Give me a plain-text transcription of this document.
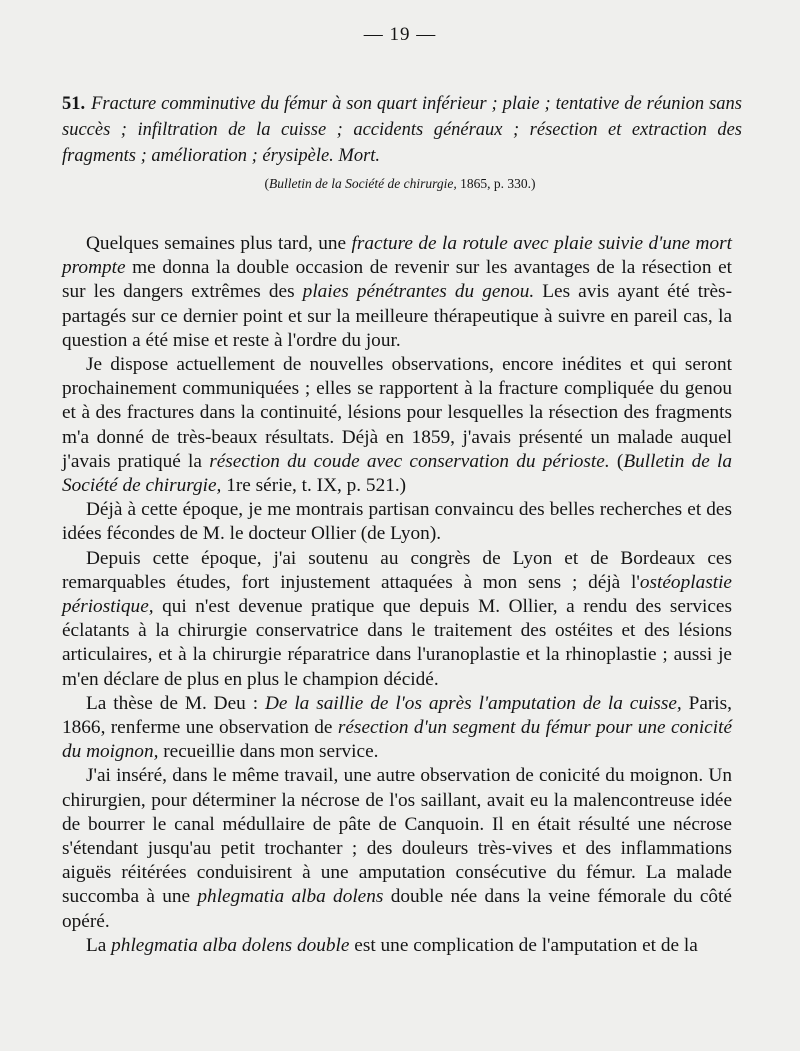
— 19 —
51. Fracture comminutive du fémur à son quart inférieur ; plaie ; tentative de réunion sans succès ; infiltration de la cuisse ; accidents généraux ; résection et extraction des fragments ; amélioration ; érysipèle. Mort.
(Bulletin de la Société de chirurgie, 1865, p. 330.)

Quelques semaines plus tard, une fracture de la rotule avec plaie suivie d'une mort prompte me donna la double occasion de revenir sur les avantages de la résection et sur les dangers extrêmes des plaies pénétrantes du genou. Les avis ayant été très-partagés sur ce dernier point et sur la meilleure thérapeutique à suivre en pareil cas, la question a été mise et reste à l'ordre du jour.

Je dispose actuellement de nouvelles observations, encore inédites et qui seront prochainement communiquées ; elles se rapportent à la fracture compliquée du genou et à des fractures dans la continuité, lésions pour lesquelles la résection des fragments m'a donné de très-beaux résultats. Déjà en 1859, j'avais présenté un malade auquel j'avais pratiqué la résection du coude avec conservation du périoste. (Bulletin de la Société de chirurgie, 1re série, t. IX, p. 521.)

Déjà à cette époque, je me montrais partisan convaincu des belles recherches et des idées fécondes de M. le docteur Ollier (de Lyon).

Depuis cette époque, j'ai soutenu au congrès de Lyon et de Bordeaux ces remarquables études, fort injustement attaquées à mon sens ; déjà l'ostéoplastie périostique, qui n'est devenue pratique que depuis M. Ollier, a rendu des services éclatants à la chirurgie conservatrice dans le traitement des ostéites et des lésions articulaires, et à la chirurgie réparatrice dans l'uranoplastie et la rhinoplastie ; aussi je m'en déclare de plus en plus le champion décidé.

La thèse de M. Deu : De la saillie de l'os après l'amputation de la cuisse, Paris, 1866, renferme une observation de résection d'un segment du fémur pour une conicité du moignon, recueillie dans mon service.

J'ai inséré, dans le même travail, une autre observation de conicité du moignon. Un chirurgien, pour déterminer la nécrose de l'os saillant, avait eu la malencontreuse idée de bourrer le canal médullaire de pâte de Canquoin. Il en était résulté une nécrose s'étendant jusqu'au petit trochanter ; des douleurs très-vives et des inflammations aiguës réitérées conduisirent à une amputation consécutive du fémur. La malade succomba à une phlegmatia alba dolens double née dans la veine fémorale du côté opéré.

La phlegmatia alba dolens double est une complication de l'amputation et de la
